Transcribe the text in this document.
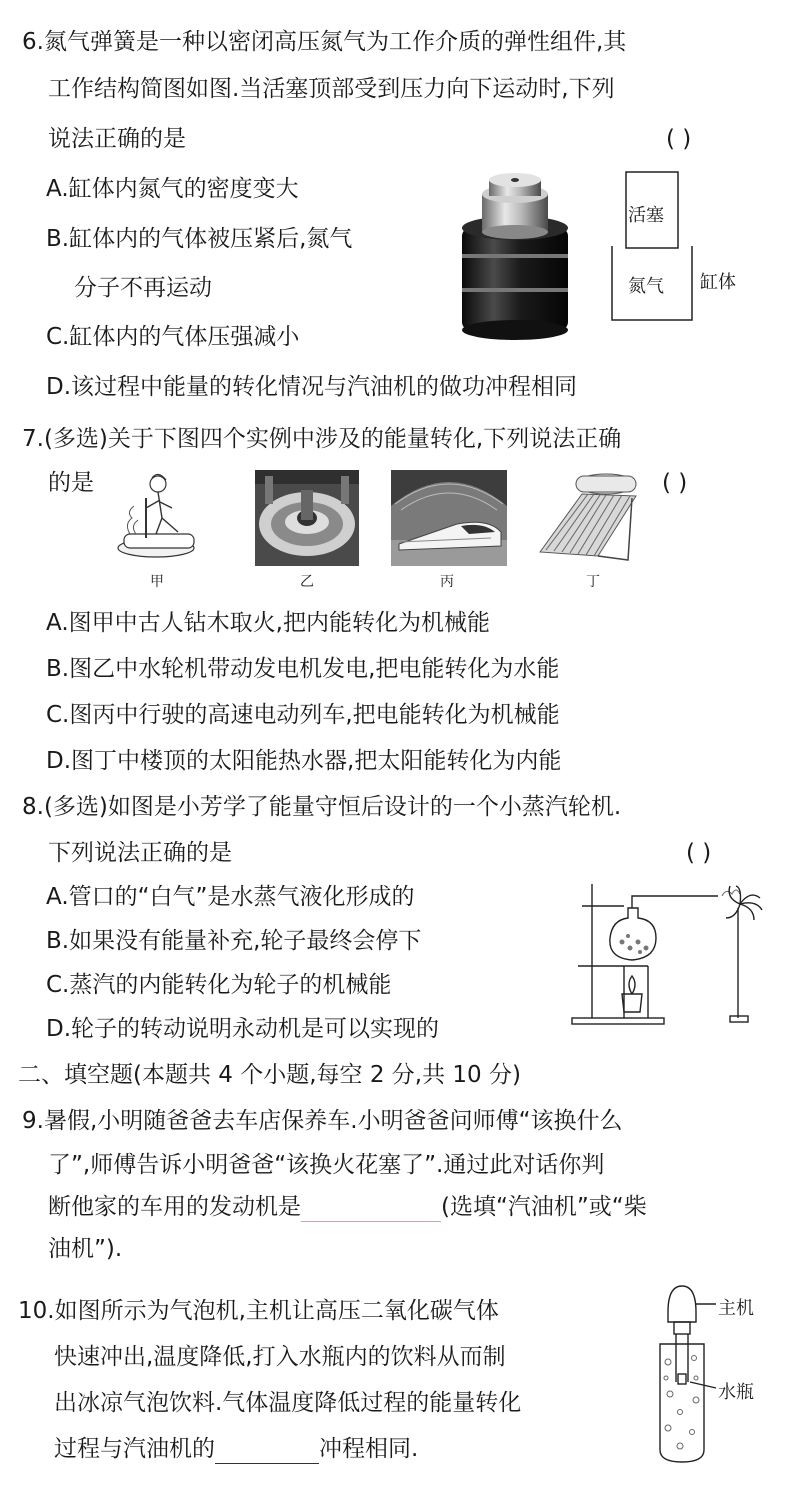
6.氮气弹簧是一种以密闭高压氮气为工作介质的弹性组件,其
工作结构简图如图.当活塞顶部受到压力向下运动时,下列
说法正确的是	( )
A.缸体内氮气的密度变大
B.缸体内的气体被压紧后,氮气
分子不再运动
C.缸体内的气体压强减小
D.该过程中能量的转化情况与汽油机的做功冲程相同
活塞
氮气 缸体
7.(多选)关于下图四个实例中涉及的能量转化,下列说法正确
的是	( )
甲	乙	丙	丁
A.图甲中古人钻木取火,把内能转化为机械能
B.图乙中水轮机带动发电机发电,把电能转化为水能
C.图丙中行驶的高速电动列车,把电能转化为机械能
D.图丁中楼顶的太阳能热水器,把太阳能转化为内能
8.(多选)如图是小芳学了能量守恒后设计的一个小蒸汽轮机.
下列说法正确的是	( )
A.管口的“白气”是水蒸气液化形成的
B.如果没有能量补充,轮子最终会停下
C.蒸汽的内能转化为轮子的机械能
D.轮子的转动说明永动机是可以实现的
二、填空题(本题共 4 个小题,每空 2 分,共 10 分)
9.暑假,小明随爸爸去车店保养车.小明爸爸问师傅“该换什么
了”,师傅告诉小明爸爸“该换火花塞了”.通过此对话你判
断他家的车用的发动机是	(选填“汽油机”或“柴
油机”).
10.如图所示为气泡机,主机让高压二氧化碳气体
快速冲出,温度降低,打入水瓶内的饮料从而制
出冰凉气泡饮料.气体温度降低过程的能量转化
过程与汽油机的	冲程相同.
主机
水瓶
